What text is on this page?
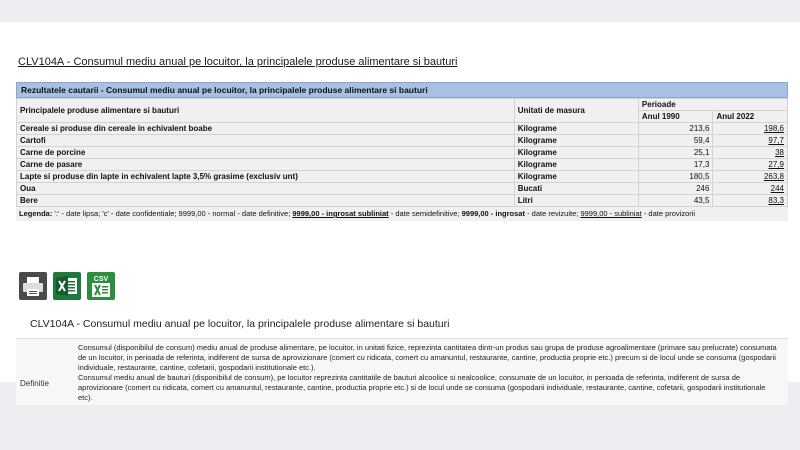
CLV104A - Consumul mediu anual pe locuitor, la principalele produse alimentare si bauturi
Rezultatele cautarii - Consumul mediu anual pe locuitor, la principalele produse alimentare si bauturi
Principalele produse alimentare si bauturi	Unitati de masura	Perioade	
		Anul 1990	Anul 2022
Cereale si produse din cereale in echivalent boabe	Kilograme	213,6	198,6
Cartofi	Kilograme	59,4	97,7
Carne de porcine	Kilograme	25,1	38
Carne de pasare	Kilograme	17,3	27,9
Lapte si produse din lapte in echivalent lapte 3,5% grasime (exclusiv unt)	Kilograme	180,5	263,8
Oua	Bucati	246	244
Bere	Litri	43,5	83,3
Legenda: ':' - date lipsa; 'c' - date confidentiale; 9999,00 - normal - date definitive; 9999,00 - ingrosat subliniat - date semidefinitive; 9999,00 - ingrosat - date revizuite; 9999,00 - subliniat - date provizorii
CSV
CLV104A - Consumul mediu anual pe locuitor, la principalele produse alimentare si bauturi
Definitie

Consumul (disponibilul de consum) mediu anual de produse alimentare, pe locuitor, in unitati fizice, reprezinta cantitatea dintr-un produs sau grupa de produse agroalimentare (primare sau prelucrate) consumata de un locuitor, in perioada de referinta, indiferent de sursa de aprovizionare (comert cu ridicata, comert cu amanuntul, restaurante, cantine, productia proprie etc.) precum si de locul unde se consuma (gospodarii individuale, restaurante, cantine, cofetarii, gospodarii institutionale etc.).

Consumul mediu anual de bauturi (disponibilul de consum), pe locuitor reprezinta cantitatile de bauturi alcoolice si nealcoolice, consumate de un locuitor, in perioada de referinta, indiferent de sursa de aprovizionare (comert cu ridicata, comert cu amanuntul, restaurante, cantine, productia proprie etc.) si de locul unde se consuma (gospodarii individuale, restaurante, cantine, cofetarii, gospodarii institutionale etc).
